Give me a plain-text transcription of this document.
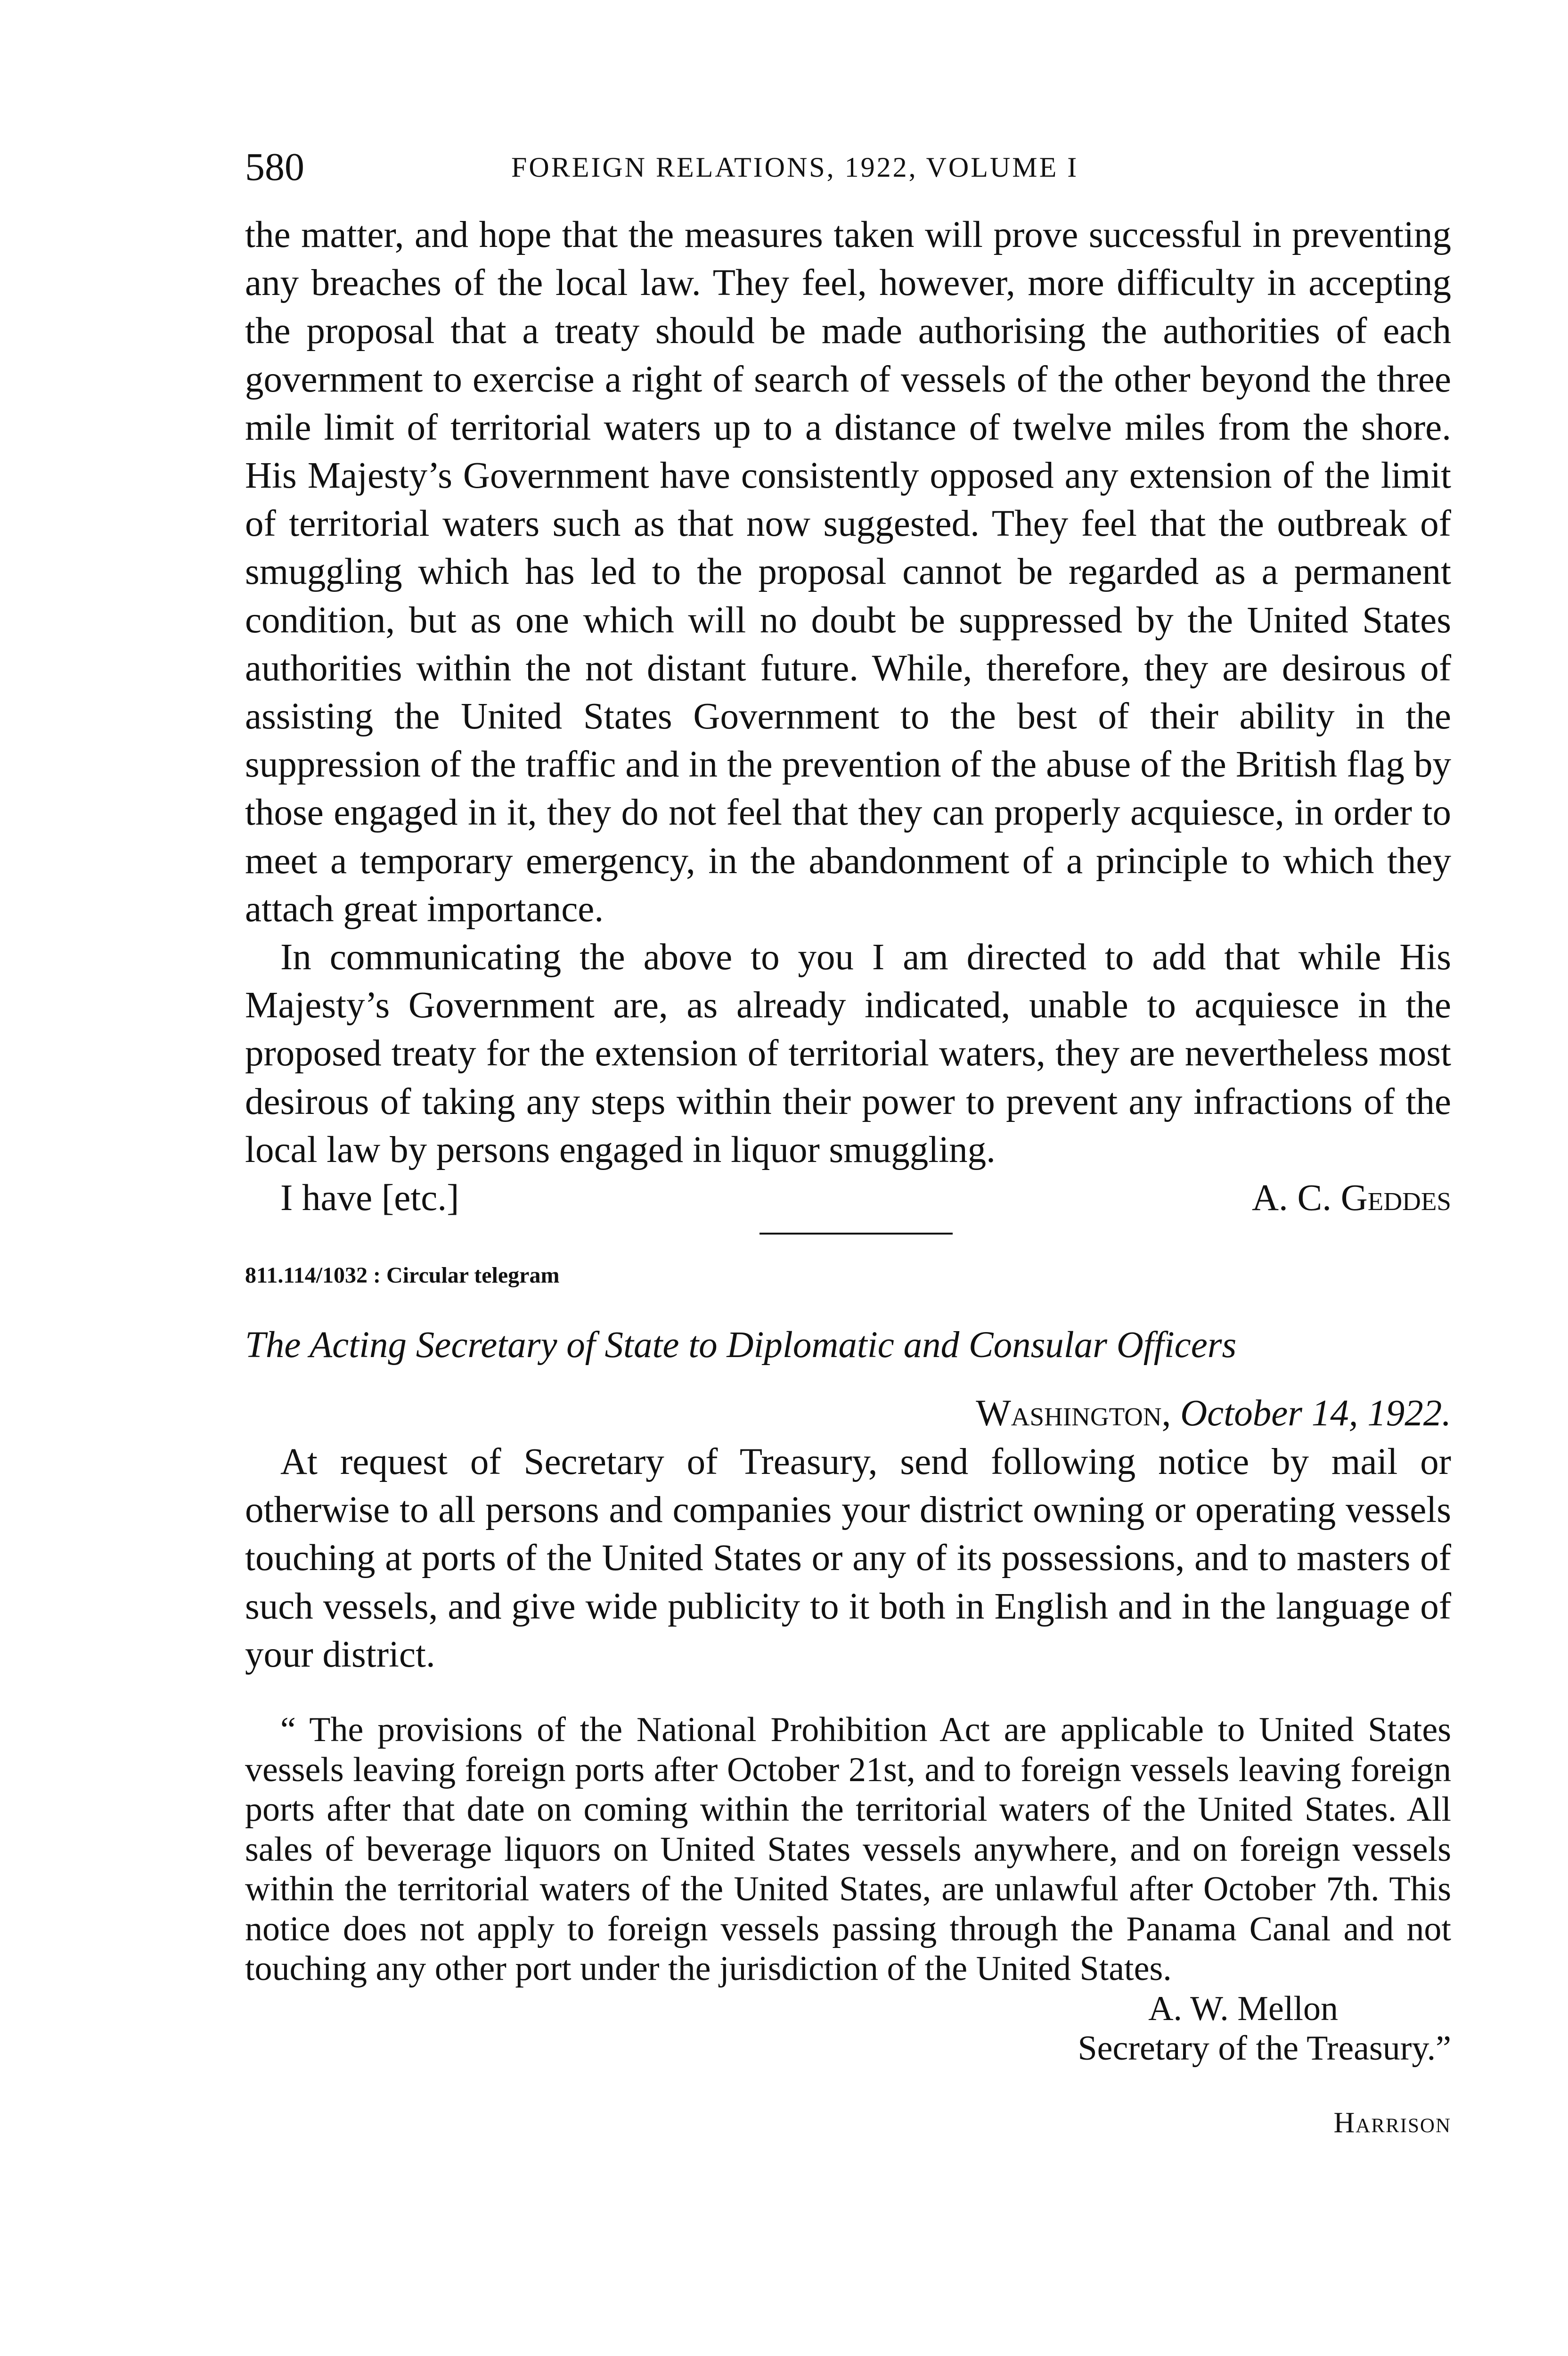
580	FOREIGN RELATIONS, 1922, VOLUME I

the matter, and hope that the measures taken will prove successful in preventing any breaches of the local law. They feel, however, more difficulty in accepting the proposal that a treaty should be made authorising the authorities of each government to exercise a right of search of vessels of the other beyond the three mile limit of territorial waters up to a distance of twelve miles from the shore. His Majesty’s Government have consistently opposed any extension of the limit of territorial waters such as that now suggested. They feel that the outbreak of smuggling which has led to the proposal cannot be regarded as a permanent condition, but as one which will no doubt be suppressed by the United States authorities within the not distant future. While, therefore, they are desirous of assisting the United States Government to the best of their ability in the suppression of the traffic and in the prevention of the abuse of the British flag by those engaged in it, they do not feel that they can properly acquiesce, in order to meet a temporary emergency, in the abandonment of a principle to which they attach great importance.

In communicating the above to you I am directed to add that while His Majesty’s Government are, as already indicated, unable to acquiesce in the proposed treaty for the extension of territorial waters, they are nevertheless most desirous of taking any steps within their power to prevent any infractions of the local law by persons engaged in liquor smuggling.

I have [etc.]	A. C. Geddes
811.114/1032 : Circular telegram
The Acting Secretary of State to Diplomatic and Consular Officers
Washington, October 14, 1922.

At request of Secretary of Treasury, send following notice by mail or otherwise to all persons and companies your district owning or operating vessels touching at ports of the United States or any of its possessions, and to masters of such vessels, and give wide publicity to it both in English and in the language of your district.

“ The provisions of the National Prohibition Act are applicable to United States vessels leaving foreign ports after October 21st, and to foreign vessels leaving foreign ports after that date on coming within the territorial waters of the United States. All sales of beverage liquors on United States vessels anywhere, and on foreign vessels within the territorial waters of the United States, are unlawful after October 7th. This notice does not apply to foreign vessels passing through the Panama Canal and not touching any other port under the jurisdiction of the United States.

A. W. Mellon
Secretary of the Treasury.”
Harrison
